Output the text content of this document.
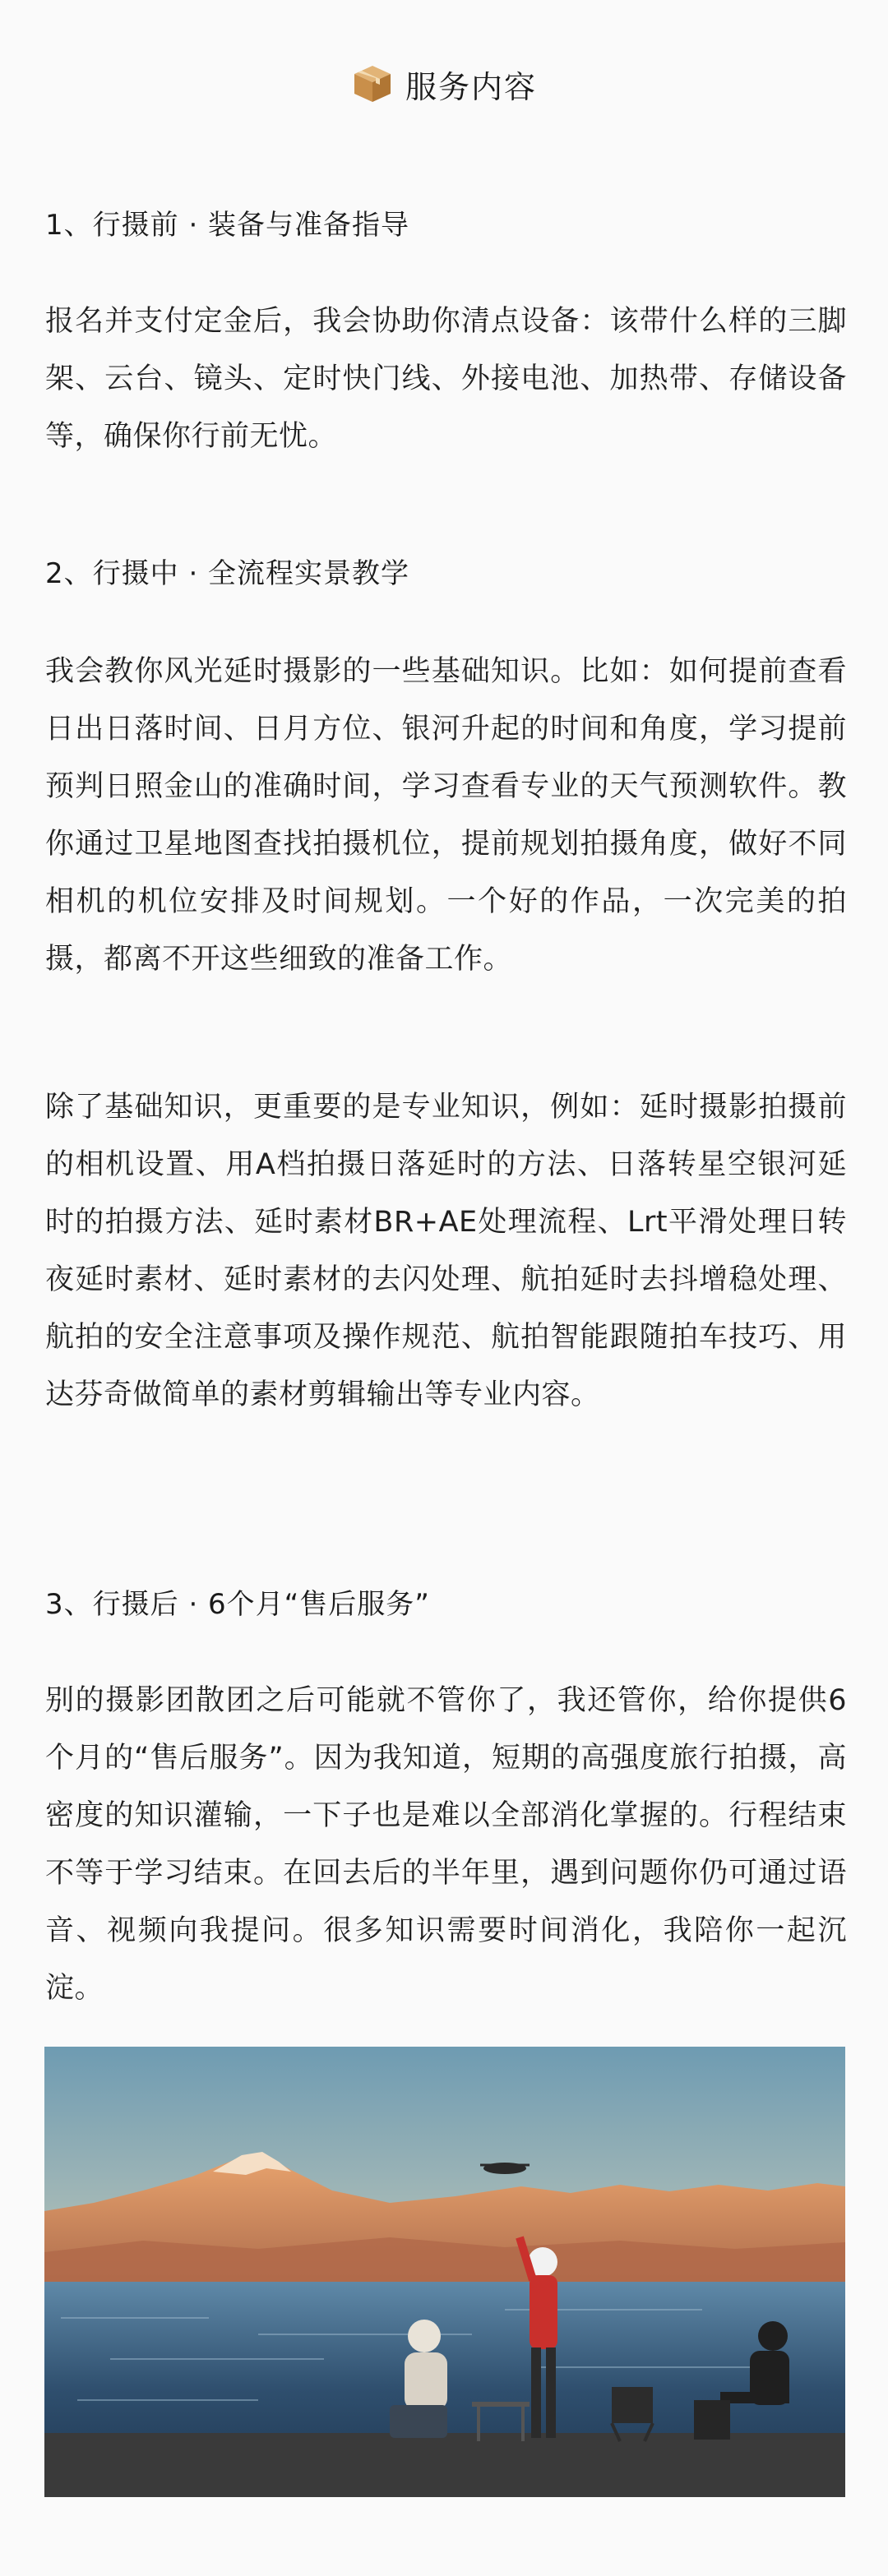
服务内容
1、行摄前 · 装备与准备指导
报名并支付定金后，我会协助你清点设备：该带什么样的三脚架、云台、镜头、定时快门线、外接电池、加热带、存储设备等，确保你行前无忧。
2、行摄中 · 全流程实景教学
我会教你风光延时摄影的一些基础知识。比如：如何提前查看日出日落时间、日月方位、银河升起的时间和角度，学习提前预判日照金山的准确时间，学习查看专业的天气预测软件。教你通过卫星地图查找拍摄机位，提前规划拍摄角度，做好不同相机的机位安排及时间规划。一个好的作品，一次完美的拍摄，都离不开这些细致的准备工作。
除了基础知识，更重要的是专业知识，例如：延时摄影拍摄前的相机设置、用A档拍摄日落延时的方法、日落转星空银河延时的拍摄方法、延时素材BR+AE处理流程、Lrt平滑处理日转夜延时素材、延时素材的去闪处理、航拍延时去抖增稳处理、航拍的安全注意事项及操作规范、航拍智能跟随拍车技巧、用达芬奇做简单的素材剪辑输出等专业内容。
3、行摄后 · 6个月“售后服务”
别的摄影团散团之后可能就不管你了，我还管你，给你提供6个月的“售后服务”。因为我知道，短期的高强度旅行拍摄，高密度的知识灌输，一下子也是难以全部消化掌握的。行程结束不等于学习结束。在回去后的半年里，遇到问题你仍可通过语音、视频向我提问。很多知识需要时间消化，我陪你一起沉淀。
